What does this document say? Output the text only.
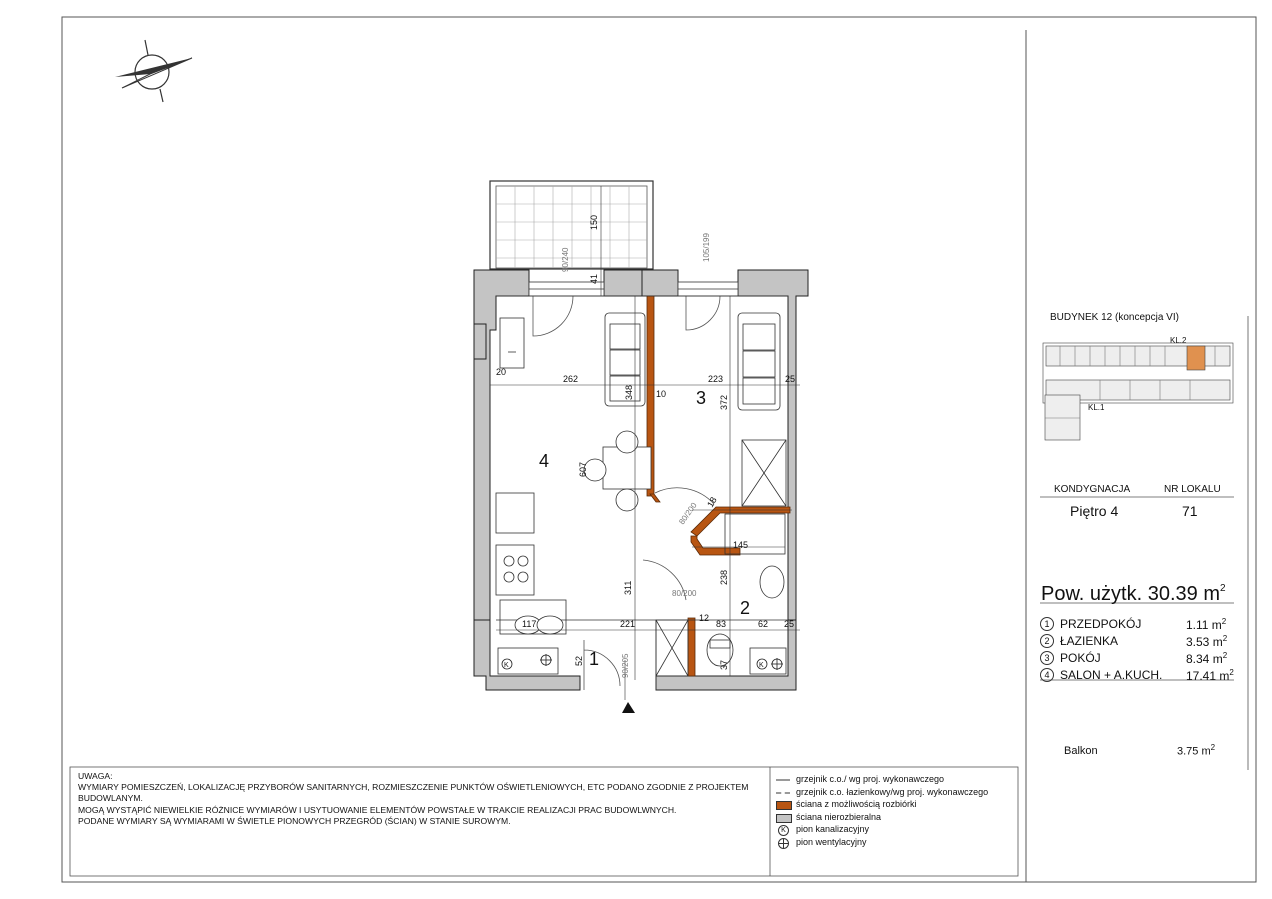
150
41
90/240	105/199
20
262	223	25
10
348
372
607
80/200 18
145
311
238
80/200
221
12
83	62 25
117
52	90/205	37
1
2
3
4
BUDYNEK 12 (koncepcja VI)
KL.2
KL.1
K	K
KONDYGNACJA	NR LOKALU
Piętro 4	71
Pow. użytk. 30.39 $m^2$
1 PRZEDPOKÓJ	1.11 $m^2$
2 ŁAZIENKA	3.53 $m^2$
3 POKÓJ	8.34 $m^2$
4 SALON + A.KUCH. 17.41 $m^2$
Balkon	3.75 $m^2$
UWAGA:
WYMIARY POMIESZCZEŃ, LOKALIZACJĘ PRZYBORÓW SANITARNYCH, ROZMIESZCZENIE PUNKTÓW OŚWIETLENIOWYCH, ETC PODANO ZGODNIE Z PROJEKTEM BUDOWLANYM.
MOGĄ WYSTĄPIĆ NIEWIELKIE RÓŻNICE WYMIARÓW I USYTUOWANIE ELEMENTÓW POWSTAŁE W TRAKCIE REALIZACJI PRAC BUDOWLWNYCH.
PODANE WYMIARY SĄ WYMIARAMI W ŚWIETLE PIONOWYCH PRZEGRÓD (ŚCIAN) W STANIE SUROWYM.
grzejnik c.o./ wg proj. wykonawczego
grzejnik c.o. łazienkowy/wg proj. wykonawczego
ściana z możliwością rozbiórki
ściana nierozbieralna
K	pion kanalizacyjny
pion wentylacyjny
